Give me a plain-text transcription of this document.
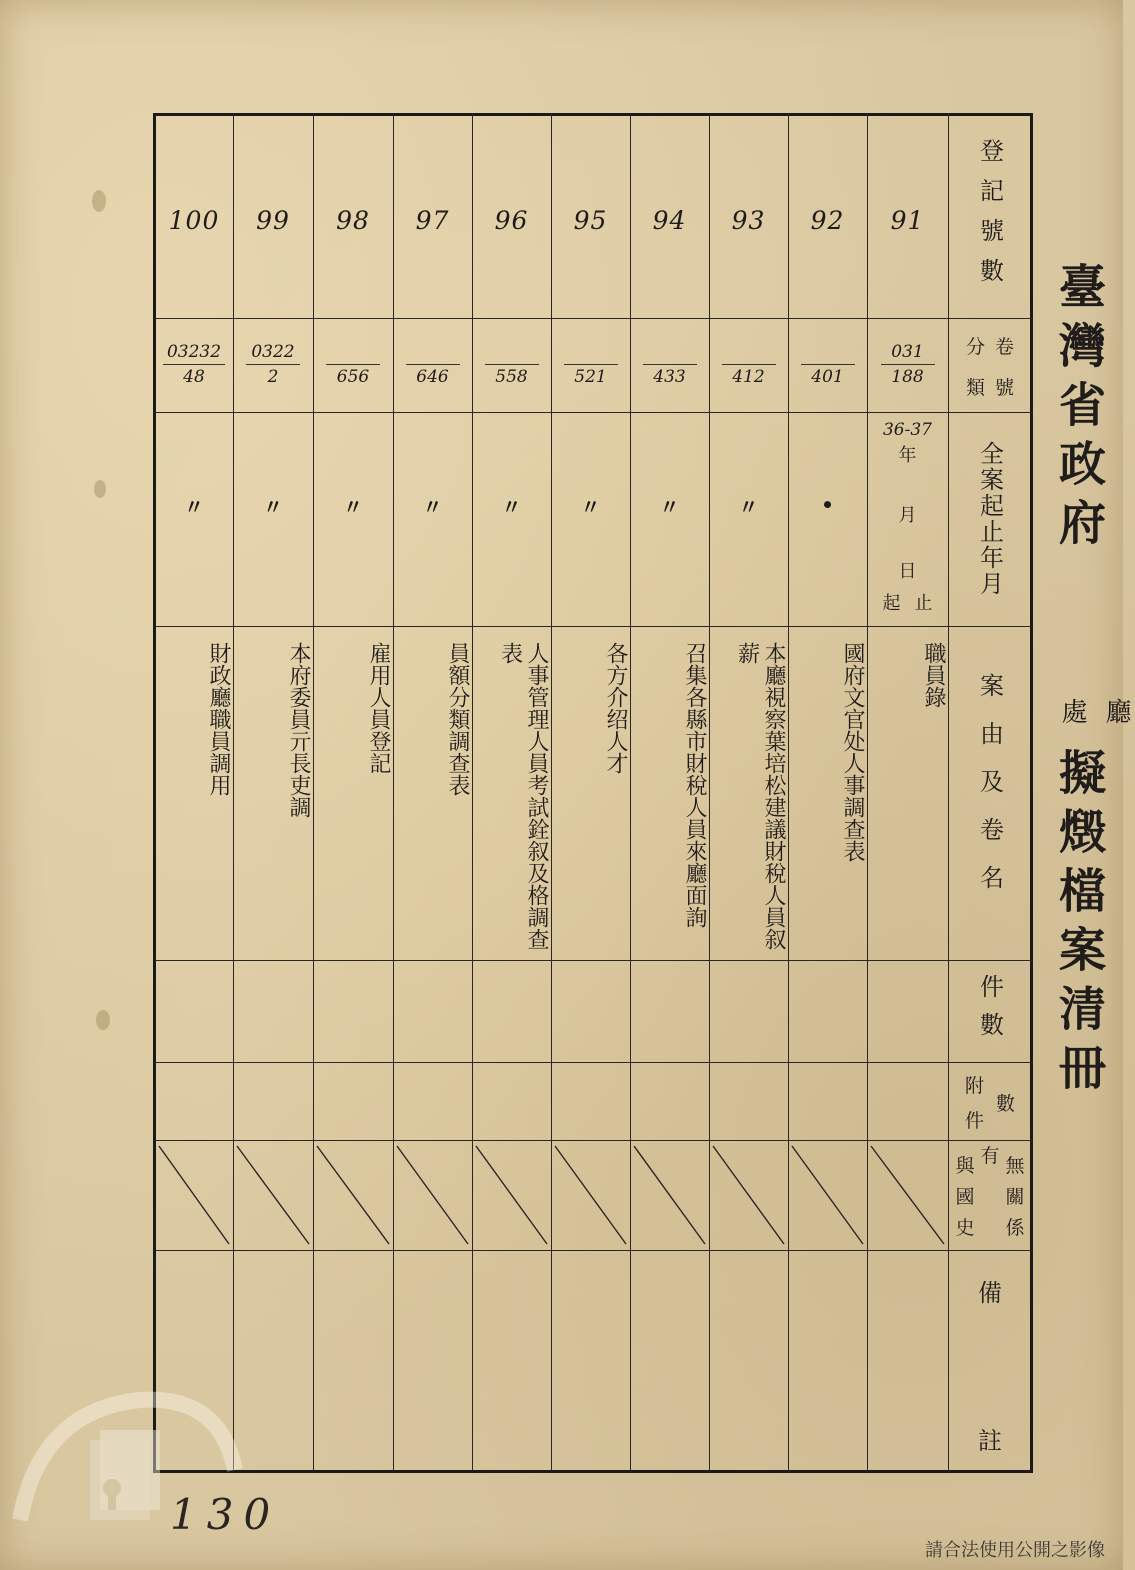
臺灣省政府
廳
處
擬燬檔案清冊
登記號數
分 卷
類 號
全案起止年月
案由及卷名
件數
附
件
數
與
國
史
有 無
關
係
備
註
91
031
188
36-37
職員錄
92

401
•
國府文官处人事調查表
93

412
〃
本廳視察葉培松建議財稅人員叙薪
94

433
〃
召集各縣市財稅人員來廳面詢
95

521
〃
各方介绍人才
96

558
〃
人事管理人員考試銓叙及格調查表
97

646
〃
員額分類調查表
98

656
〃
雇用人員登記
99
0322
2
〃
本府委員亓長吏調
100
03232
48
〃
財政廳職員調用
年
月
日
起 止
130
請合法使用公開之影像
